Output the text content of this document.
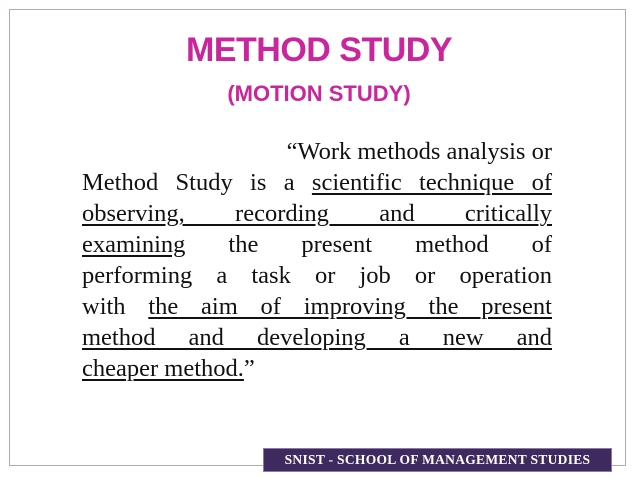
METHOD STUDY
(MOTION STUDY)
“Work methods analysis or
Method Study is a scientific technique of
observing, recording and critically
examining the present method of
performing a task or job or operation
with the aim of improving the present
method and developing a new and
cheaper method.”
SNIST - SCHOOL OF MANAGEMENT STUDIES
